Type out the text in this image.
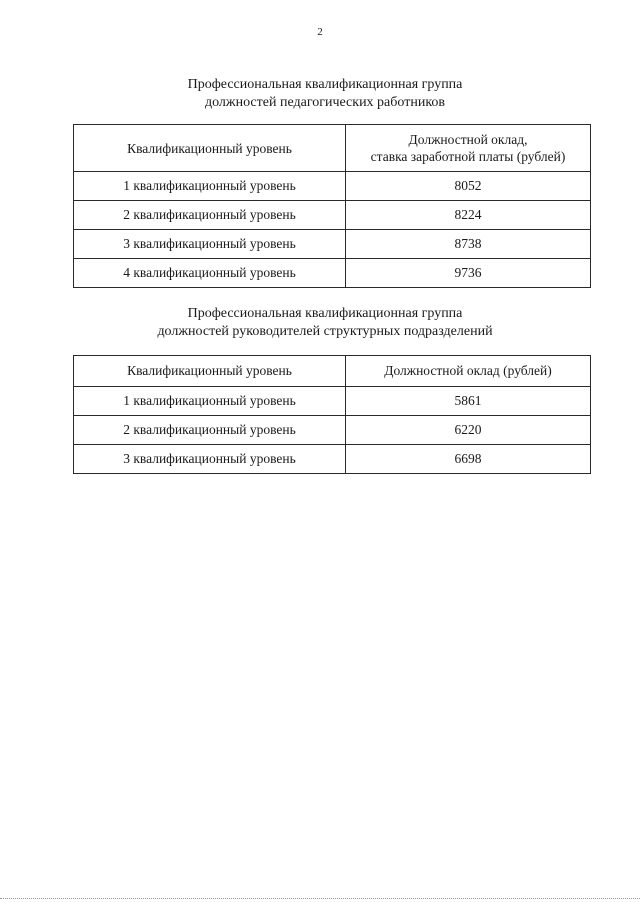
2
Профессиональная квалификационная группа
должностей педагогических работников
Квалификационный уровень	Должностной оклад,
ставка заработной платы (рублей)

1 квалификационный уровень	8052
2 квалификационный уровень	8224
3 квалификационный уровень	8738
4 квалификационный уровень	9736
Профессиональная квалификационная группа
должностей руководителей структурных подразделений
Квалификационный уровень	Должностной оклад (рублей)
1 квалификационный уровень	5861
2 квалификационный уровень	6220
3 квалификационный уровень	6698
